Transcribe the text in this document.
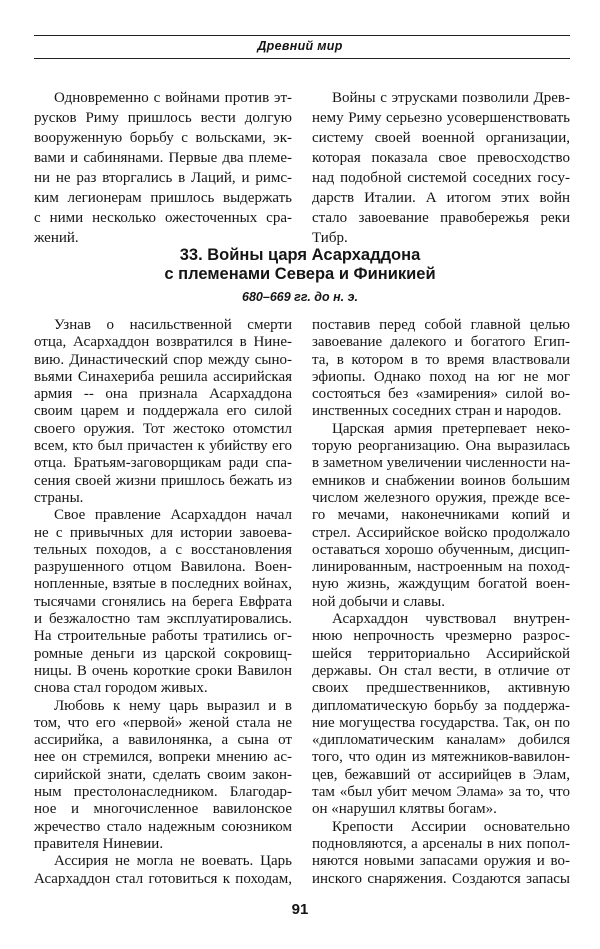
Древний мир
Одновременно с войнами против эт-
русков Риму пришлось вести долгую
вооруженную борьбу с вольсками, эк-
вами и сабинянами. Первые два племе-
ни не раз вторгались в Лаций, и римс-
ким легионерам пришлось выдержать
с ними несколько ожесточенных сра-
жений.
Войны с этрусками позволили Древ-
нему Риму серьезно усовершенствовать
систему своей военной организации,
которая показала свое превосходство
над подобной системой соседних госу-
дарств Италии. А итогом этих войн
стало завоевание правобережья реки
Тибр.
33. Войны царя Асархаддона
с племенами Севера и Финикией
680–669 гг. до н. э.
Узнав о насильственной смерти
отца, Асархаддон возвратился в Нине-
вию. Династический спор между сыно-
вьями Синахериба решила ассирийская
армия -- она признала Асархаддона
своим царем и поддержала его силой
своего оружия. Тот жестоко отомстил
всем, кто был причастен к убийству его
отца. Братьям-заговорщикам ради спа-
сения своей жизни пришлось бежать из
страны.
Свое правление Асархаддон начал
не с привычных для истории завоева-
тельных походов, а с восстановления
разрушенного отцом Вавилона. Воен-
нопленные, взятые в последних войнах,
тысячами сгонялись на берега Евфрата
и безжалостно там эксплуатировались.
На строительные работы тратились ог-
ромные деньги из царской сокровищ-
ницы. В очень короткие сроки Вавилон
снова стал городом живых.
Любовь к нему царь выразил и в
том, что его «первой» женой стала не
ассирийка, а вавилонянка, а сына от
нее он стремился, вопреки мнению ас-
сирийской знати, сделать своим закон-
ным престолонаследником. Благодар-
ное и многочисленное вавилонское
жречество стало надежным союзником
правителя Ниневии.
Ассирия не могла не воевать. Царь
Асархаддон стал готовиться к походам,
поставив перед собой главной целью
завоевание далекого и богатого Егип-
та, в котором в то время властвовали
эфиопы. Однако поход на юг не мог
состояться без «замирения» силой во-
инственных соседних стран и народов.
Царская армия претерпевает неко-
торую реорганизацию. Она выразилась
в заметном увеличении численности на-
емников и снабжении воинов большим
числом железного оружия, прежде все-
го мечами, наконечниками копий и
стрел. Ассирийское войско продолжало
оставаться хорошо обученным, дисцип-
линированным, настроенным на поход-
ную жизнь, жаждущим богатой воен-
ной добычи и славы.
Асархаддон чувствовал внутрен-
нюю непрочность чрезмерно разрос-
шейся территориально Ассирийской
державы. Он стал вести, в отличие от
своих предшественников, активную
дипломатическую борьбу за поддержа-
ние могущества государства. Так, он по
«дипломатическим каналам» добился
того, что один из мятежников-вавилон-
цев, бежавший от ассирийцев в Элам,
там «был убит мечом Элама» за то, что
он «нарушил клятвы богам».
Крепости Ассирии основательно
подновляются, а арсеналы в них попол-
няются новыми запасами оружия и во-
инского снаряжения. Создаются запасы
91
